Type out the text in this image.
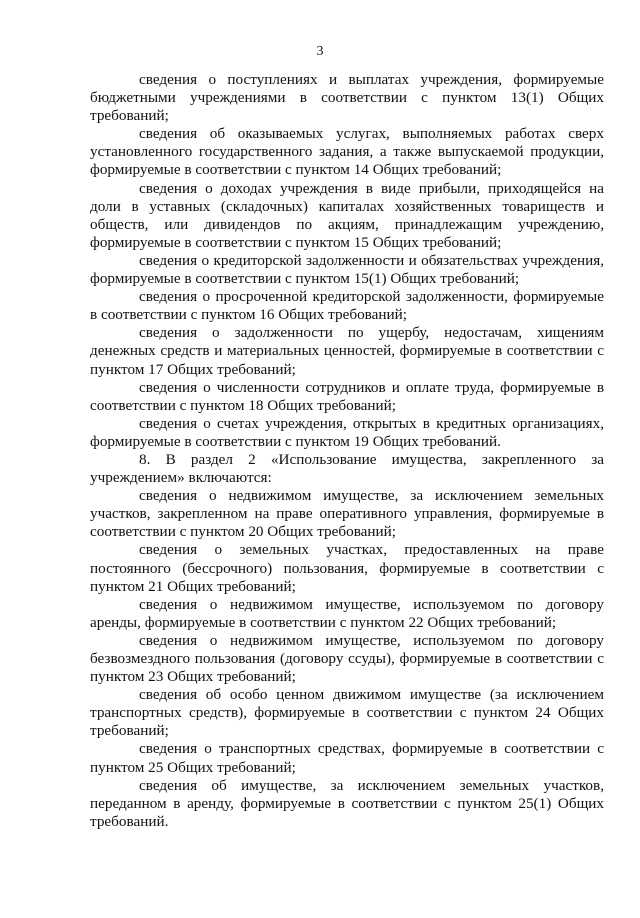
3

сведения о поступлениях и выплатах учреждения, формируемые бюджетными учреждениями в соответствии с пунктом 13(1) Общих требований;

сведения об оказываемых услугах, выполняемых работах сверх установленного государственного задания, а также выпускаемой продукции, формируемые в соответствии с пунктом 14 Общих требований;

сведения о доходах учреждения в виде прибыли, приходящейся на доли в уставных (складочных) капиталах хозяйственных товариществ и обществ, или дивидендов по акциям, принадлежащим учреждению, формируемые в соответствии с пунктом 15 Общих требований;

сведения о кредиторской задолженности и обязательствах учреждения, формируемые в соответствии с пунктом 15(1) Общих требований;

сведения о просроченной кредиторской задолженности, формируемые в соответствии с пунктом 16 Общих требований;

сведения о задолженности по ущербу, недостачам, хищениям денежных средств и материальных ценностей, формируемые в соответствии с пунктом 17 Общих требований;

сведения о численности сотрудников и оплате труда, формируемые в соответствии с пунктом 18 Общих требований;

сведения о счетах учреждения, открытых в кредитных организациях, формируемые в соответствии с пунктом 19 Общих требований.

8. В раздел 2 «Использование имущества, закрепленного за учреждением» включаются:

сведения о недвижимом имуществе, за исключением земельных участков, закрепленном на праве оперативного управления, формируемые в соответствии с пунктом 20 Общих требований;

сведения о земельных участках, предоставленных на праве постоянного (бессрочного) пользования, формируемые в соответствии с пунктом 21 Общих требований;

сведения о недвижимом имуществе, используемом по договору аренды, формируемые в соответствии с пунктом 22 Общих требований;

сведения о недвижимом имуществе, используемом по договору безвозмездного пользования (договору ссуды), формируемые в соответствии с пунктом 23 Общих требований;

сведения об особо ценном движимом имуществе (за исключением транспортных средств), формируемые в соответствии с пунктом 24 Общих требований;

сведения о транспортных средствах, формируемые в соответствии с пунктом 25 Общих требований;

сведения об имуществе, за исключением земельных участков, переданном в аренду, формируемые в соответствии с пунктом 25(1) Общих требований.
